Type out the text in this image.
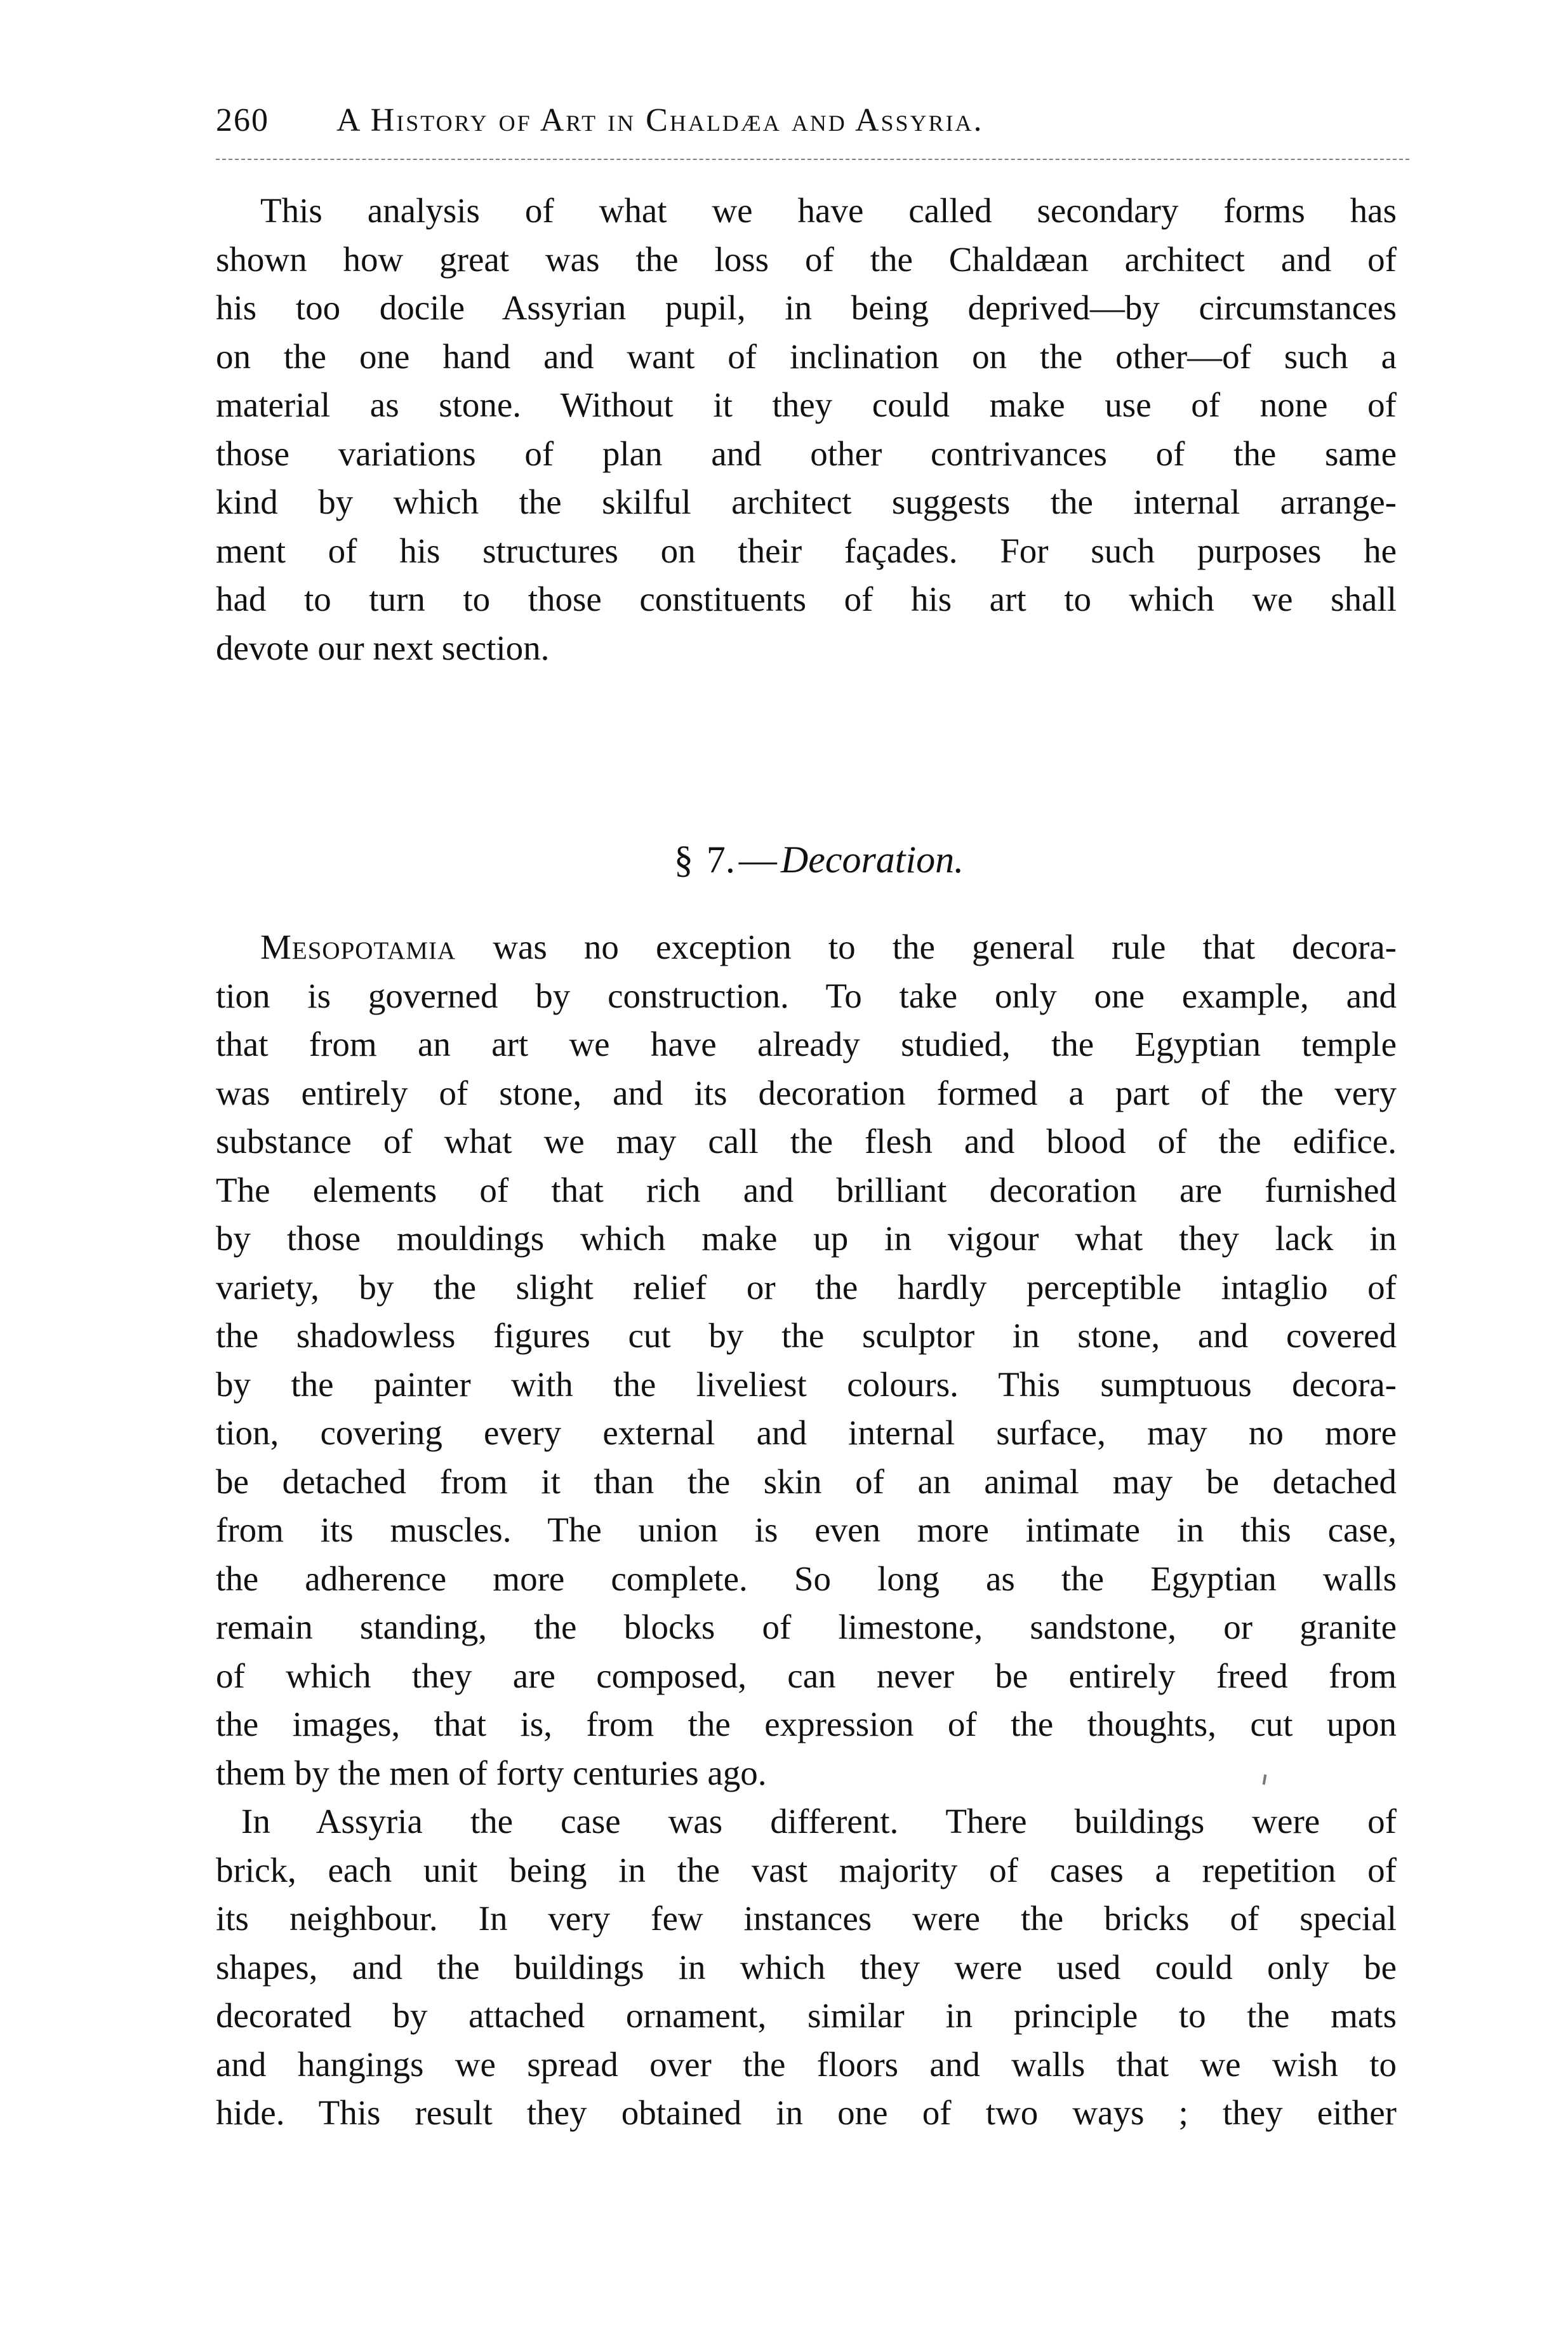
260	A History of Art in Chaldæa and Assyria.

This analysis of what we have called secondary forms has
shown how great was the loss of the Chaldæan architect and of
his too docile Assyrian pupil, in being deprived—by circumstances
on the one hand and want of inclination on the other—of such a
material as stone. Without it they could make use of none of
those variations of plan and other contrivances of the same
kind by which the skilful architect suggests the internal arrange-
ment of his structures on their façades. For such purposes he
had to turn to those constituents of his art to which we shall
devote our next section.

§ 7. — Decoration.

Mesopotamia was no exception to the general rule that decora-
tion is governed by construction. To take only one example, and
that from an art we have already studied, the Egyptian temple
was entirely of stone, and its decoration formed a part of the very
substance of what we may call the flesh and blood of the edifice.
The elements of that rich and brilliant decoration are furnished
by those mouldings which make up in vigour what they lack in
variety, by the slight relief or the hardly perceptible intaglio of
the shadowless figures cut by the sculptor in stone, and covered
by the painter with the liveliest colours. This sumptuous decora-
tion, covering every external and internal surface, may no more
be detached from it than the skin of an animal may be detached
from its muscles. The union is even more intimate in this case,
the adherence more complete. So long as the Egyptian walls
remain standing, the blocks of limestone, sandstone, or granite
of which they are composed, can never be entirely freed from
the images, that is, from the expression of the thoughts, cut upon
them by the men of forty centuries ago.

In Assyria the case was different. There buildings were of
brick, each unit being in the vast majority of cases a repetition of
its neighbour. In very few instances were the bricks of special
shapes, and the buildings in which they were used could only be
decorated by attached ornament, similar in principle to the mats
and hangings we spread over the floors and walls that we wish to
hide. This result they obtained in one of two ways ; they either
